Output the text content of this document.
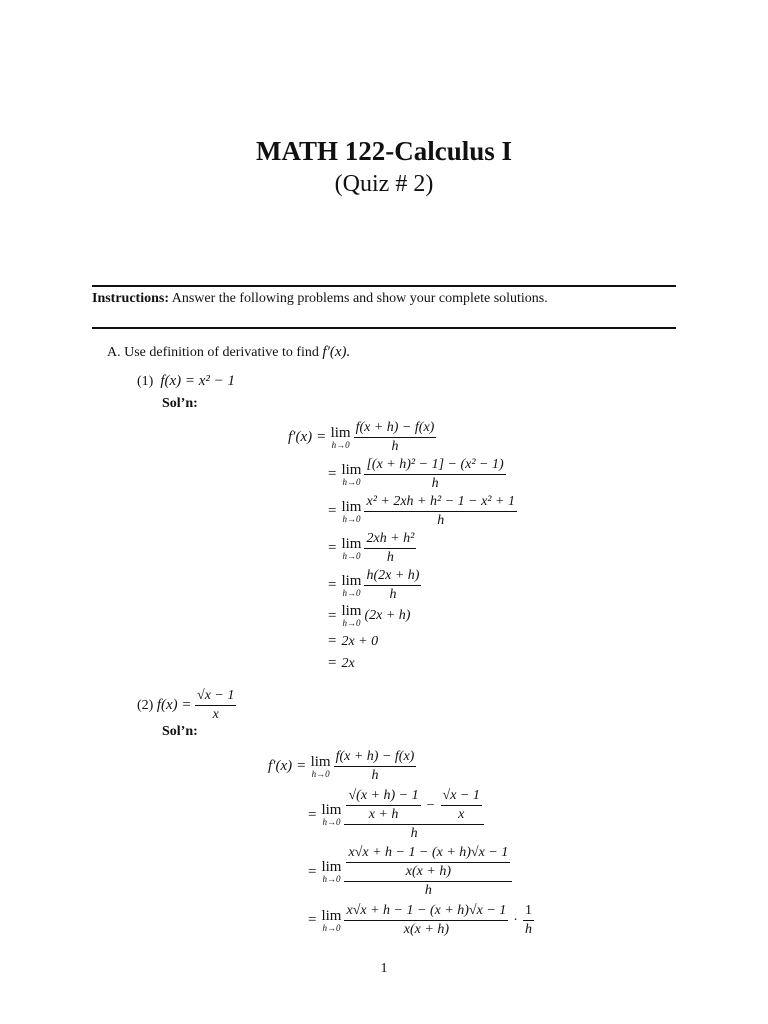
MATH 122-Calculus I
(Quiz # 2)
Instructions: Answer the following problems and show your complete solutions.
A. Use definition of derivative to find f′(x).
(1) f(x) = x² − 1
Sol’n:
f′(x) = lim
$h\to 0 \frac{f(x + h) - f(x)}{h}$
= lim
$h\to 0 \frac{\text{[(x + h)² − 1] − (x² − 1)}}{h}$
= lim
$h\to 0 \frac{\text{x² + 2xh + h² − 1 − x² + 1}}{h}$
= lim
$h\to 0 \frac{\text{2xh + h²}}{h}$
= lim
$h\to 0 \frac{h(2x + h)}{h}$
= lim
h→0 (2x + h)
= 2x + 0
= 2x
(2)
f(x) =
$\frac{√x - 1}{x}$
Sol’n:
f′(x) = lim
$h\to 0 \frac{f(x + h) - f(x)}{h}$
= lim
$h\to 0 \frac{\frac{√(x + h) - 1}{x + h} - \frac{√x - 1}{x}}{h}$
= lim
$h\to 0 \frac{\frac{x√x + h - 1 - (x + h)√x - 1}{x(x + h)}}{h}$
= lim
$h\to 0 \frac{x√x + h - 1 - (x + h)√x - 1}{x(x + h)} \cdot \frac{1}{h}$
1
